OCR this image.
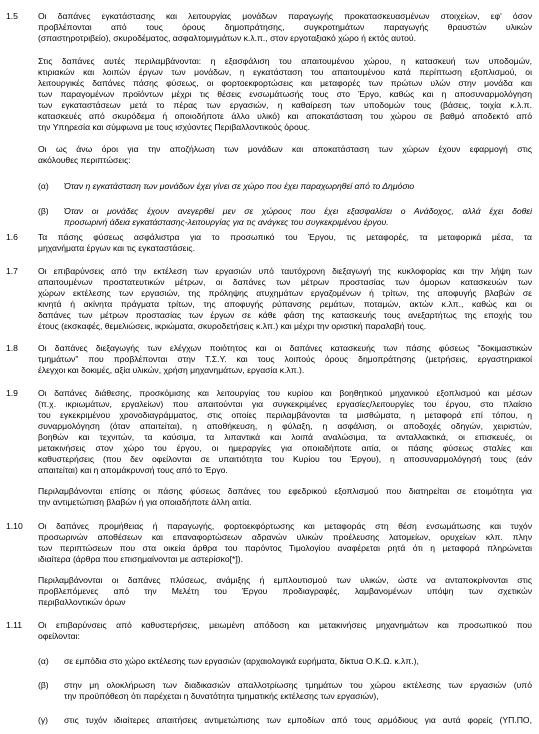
1.5 Οι δαπάνες εγκατάστασης και λειτουργίας μονάδων παραγωγής προκατασκευασμένων στοιχείων, εφ' όσον
προβλέπονται από τους όρους δημοπράτησης, συγκροτημάτων παραγωγής θραυστών υλικών
(σπαστηροτριβείο), σκυροδέματος, ασφαλτομιγμάτων κ.λ.π., στον εργοταξιακό χώρο ή εκτός αυτού.
Στις δαπάνες αυτές περιλαμβάνονται: η εξασφάλιση του απαιτουμένου χώρου, η κατασκευή των υποδομών,
κτιριακών και λοιπών έργων των μονάδων, η εγκατάσταση του απαιτουμένου κατά περίπτωση εξοπλισμού, οι
λειτουργικές δαπάνες πάσης φύσεως, οι φορτοεκφορτώσεις και μεταφορές των πρώτων υλών στην μονάδα και
των παραγομένων προϊόντων μέχρι τις θέσεις ενσωμάτωσής τους στο Έργο, καθώς και η αποσυναρμολόγηση
των εγκαταστάσεων μετά το πέρας των εργασιών, η καθαίρεση των υποδομών τους (βάσεις, τοιχία κ.λ.π.
κατασκευές από σκυρόδεμα ή οποιοδήποτε άλλο υλικό) και αποκατάσταση του χώρου σε βαθμό αποδεκτό από
την Υπηρεσία και σύμφωνα με τους ισχύοντες Περιβαλλοντικούς όρους.
Οι ως άνω όροι για την αποζήλωση των μονάδων και αποκατάσταση των χώρων έχουν εφαρμογή στις
ακόλουθες περιπτώσεις:
(α) Όταν η εγκατάσταση των μονάδων έχει γίνει σε χώρο που έχει παραχωρηθεί από το Δημόσιο
(β) Όταν οι μονάδες έχουν ανεγερθεί μεν σε χώρους που έχει εξασφαλίσει ο Ανάδοχος, αλλά έχει δοθεί
προσωρινή άδεια εγκατάστασης-λειτουργίας για τις ανάγκες του συγκεκριμένου έργου.
1.6 Τα πάσης φύσεως ασφάλιστρα για το προσωπικό του Έργου, τις μεταφορές, τα μεταφορικά μέσα, τα
μηχανήματα έργων και τις εγκαταστάσεις.
1.7 Οι επιβαρύνσεις από την εκτέλεση των εργασιών υπό ταυτόχρονη διεξαγωγή της κυκλοφορίας και την λήψη των
απαιτουμένων προστατευτικών μέτρων, οι δαπάνες των μέτρων προστασίας των όμορων κατασκευών των
χώρων εκτέλεσης των εργασιών, της πρόληψης ατυχημάτων εργαζομένων ή τρίτων, της αποφυγής βλαβών σε
κινητά ή ακίνητα πράγματα τρίτων, της αποφυγής ρύπανσης ρεμάτων, ποταμών, ακτών κ.λπ., καθώς και οι
δαπάνες των μέτρων προστασίας των έργων σε κάθε φάση της κατασκευής τους ανεξαρτήτως της εποχής του
έτους (εκσκαφές, θεμελιώσεις, ικριώματα, σκυροδετήσεις κ.λπ.) και μέχρι την οριστική παραλαβή τους.
1.8 Οι δαπάνες διεξαγωγής των ελέγχων ποιότητος και οι δαπάνες κατασκευής των πάσης φύσεως "δοκιμαστικών
τμημάτων" που προβλέπονται στην Τ.Σ.Υ. και τους λοιπούς όρους δημοπράτησης (μετρήσεις, εργαστηριακοί
έλεγχοι και δοκιμές, αξία υλικών, χρήση μηχανημάτων, εργασία κ.λπ.).
1.9 Οι δαπάνες διάθεσης, προσκόμισης και λειτουργίας του κυρίου και βοηθητικού μηχανικού εξοπλισμού και μέσων
(π.χ. ικριωμάτων, εργαλείων) που απαιτούνται για συγκεκριμένες εργασίες/λειτουργίες του έργου, στο πλαίσιο
του εγκεκριμένου χρονοδιαγράμματος, στις οποίες περιλαμβάνονται τα μισθώματα, η μεταφορά επί τόπου, η
συναρμολόγηση (όταν απαιτείται), η αποθήκευση, η φύλαξη, η ασφάλιση, οι αποδοχές οδηγών, χειριστών,
βοηθών και τεχνιτών, τα καύσιμα, τα λιπαντικά και λοιπά αναλώσιμα, τα ανταλλακτικά, οι επισκευές, οι
μετακινήσεις στον χώρο του έργου, οι ημεραργίες για οποιαδήποτε αιτία, οι πάσης φύσεως σταλίες και
καθυστερήσεις (που δεν οφείλονται σε υπαιτιότητα του Κυρίου του Έργου), η αποσυναρμολόγησή τους (εάν
απαιτείται) και η απομάκρυνσή τους από το Έργο.
Περιλαμβάνονται επίσης οι πάσης φύσεως δαπάνες του εφεδρικού εξοπλισμού που διατηρείται σε ετοιμότητα για
την αντιμετώπιση βλαβών ή για οποιαδήποτε άλλη αιτία.
1.10 Οι δαπάνες προμήθειας ή παραγωγής, φορτοεκφόρτωσης και μεταφοράς στη θέση ενσωμάτωσης και τυχόν
προσωρινών αποθέσεων και επαναφορτώσεων αδρανών υλικών προέλευσης λατομείων, ορυχείων κλπ. πλην
των περιπτώσεων που στα οικεία άρθρα του παρόντος Τιμολογίου αναφέρεται ρητά ότι η μεταφορά πληρώνεται
ιδιαίτερα (άρθρα που επισημαίνονται με αστερίσκο[*]).
Περιλαμβάνονται οι δαπάνες πλύσεως, ανάμιξης ή εμπλουτισμού των υλικών, ώστε να ανταποκρίνονται στις
προβλεπόμενες από την Μελέτη του Έργου προδιαγραφές, λαμβανομένων υπόψη των σχετικών
περιβαλλοντικών όρων
1.11 Οι επιβαρύνσεις από καθυστερήσεις, μειωμένη απόδοση και μετακινήσεις μηχανημάτων και προσωπικού που
οφείλονται:
(α) σε εμπόδια στο χώρο εκτέλεσης των εργασιών (αρχαιολογικά ευρήματα, δίκτυα Ο.Κ.Ω. κ.λπ.),
(β) στην μη ολοκλήρωση των διαδικασιών απαλλοτρίωσης τμημάτων του χώρου εκτέλεσης των εργασιών (υπό
την προϋπόθεση ότι παρέχεται η δυνατότητα τμηματικής εκτέλεσης των εργασιών),
(γ) στις τυχόν ιδιαίτερες απαιτήσεις αντιμετώπισης των εμποδίων από τους αρμόδιους για αυτά φορείς (ΥΠ.ΠΟ,
